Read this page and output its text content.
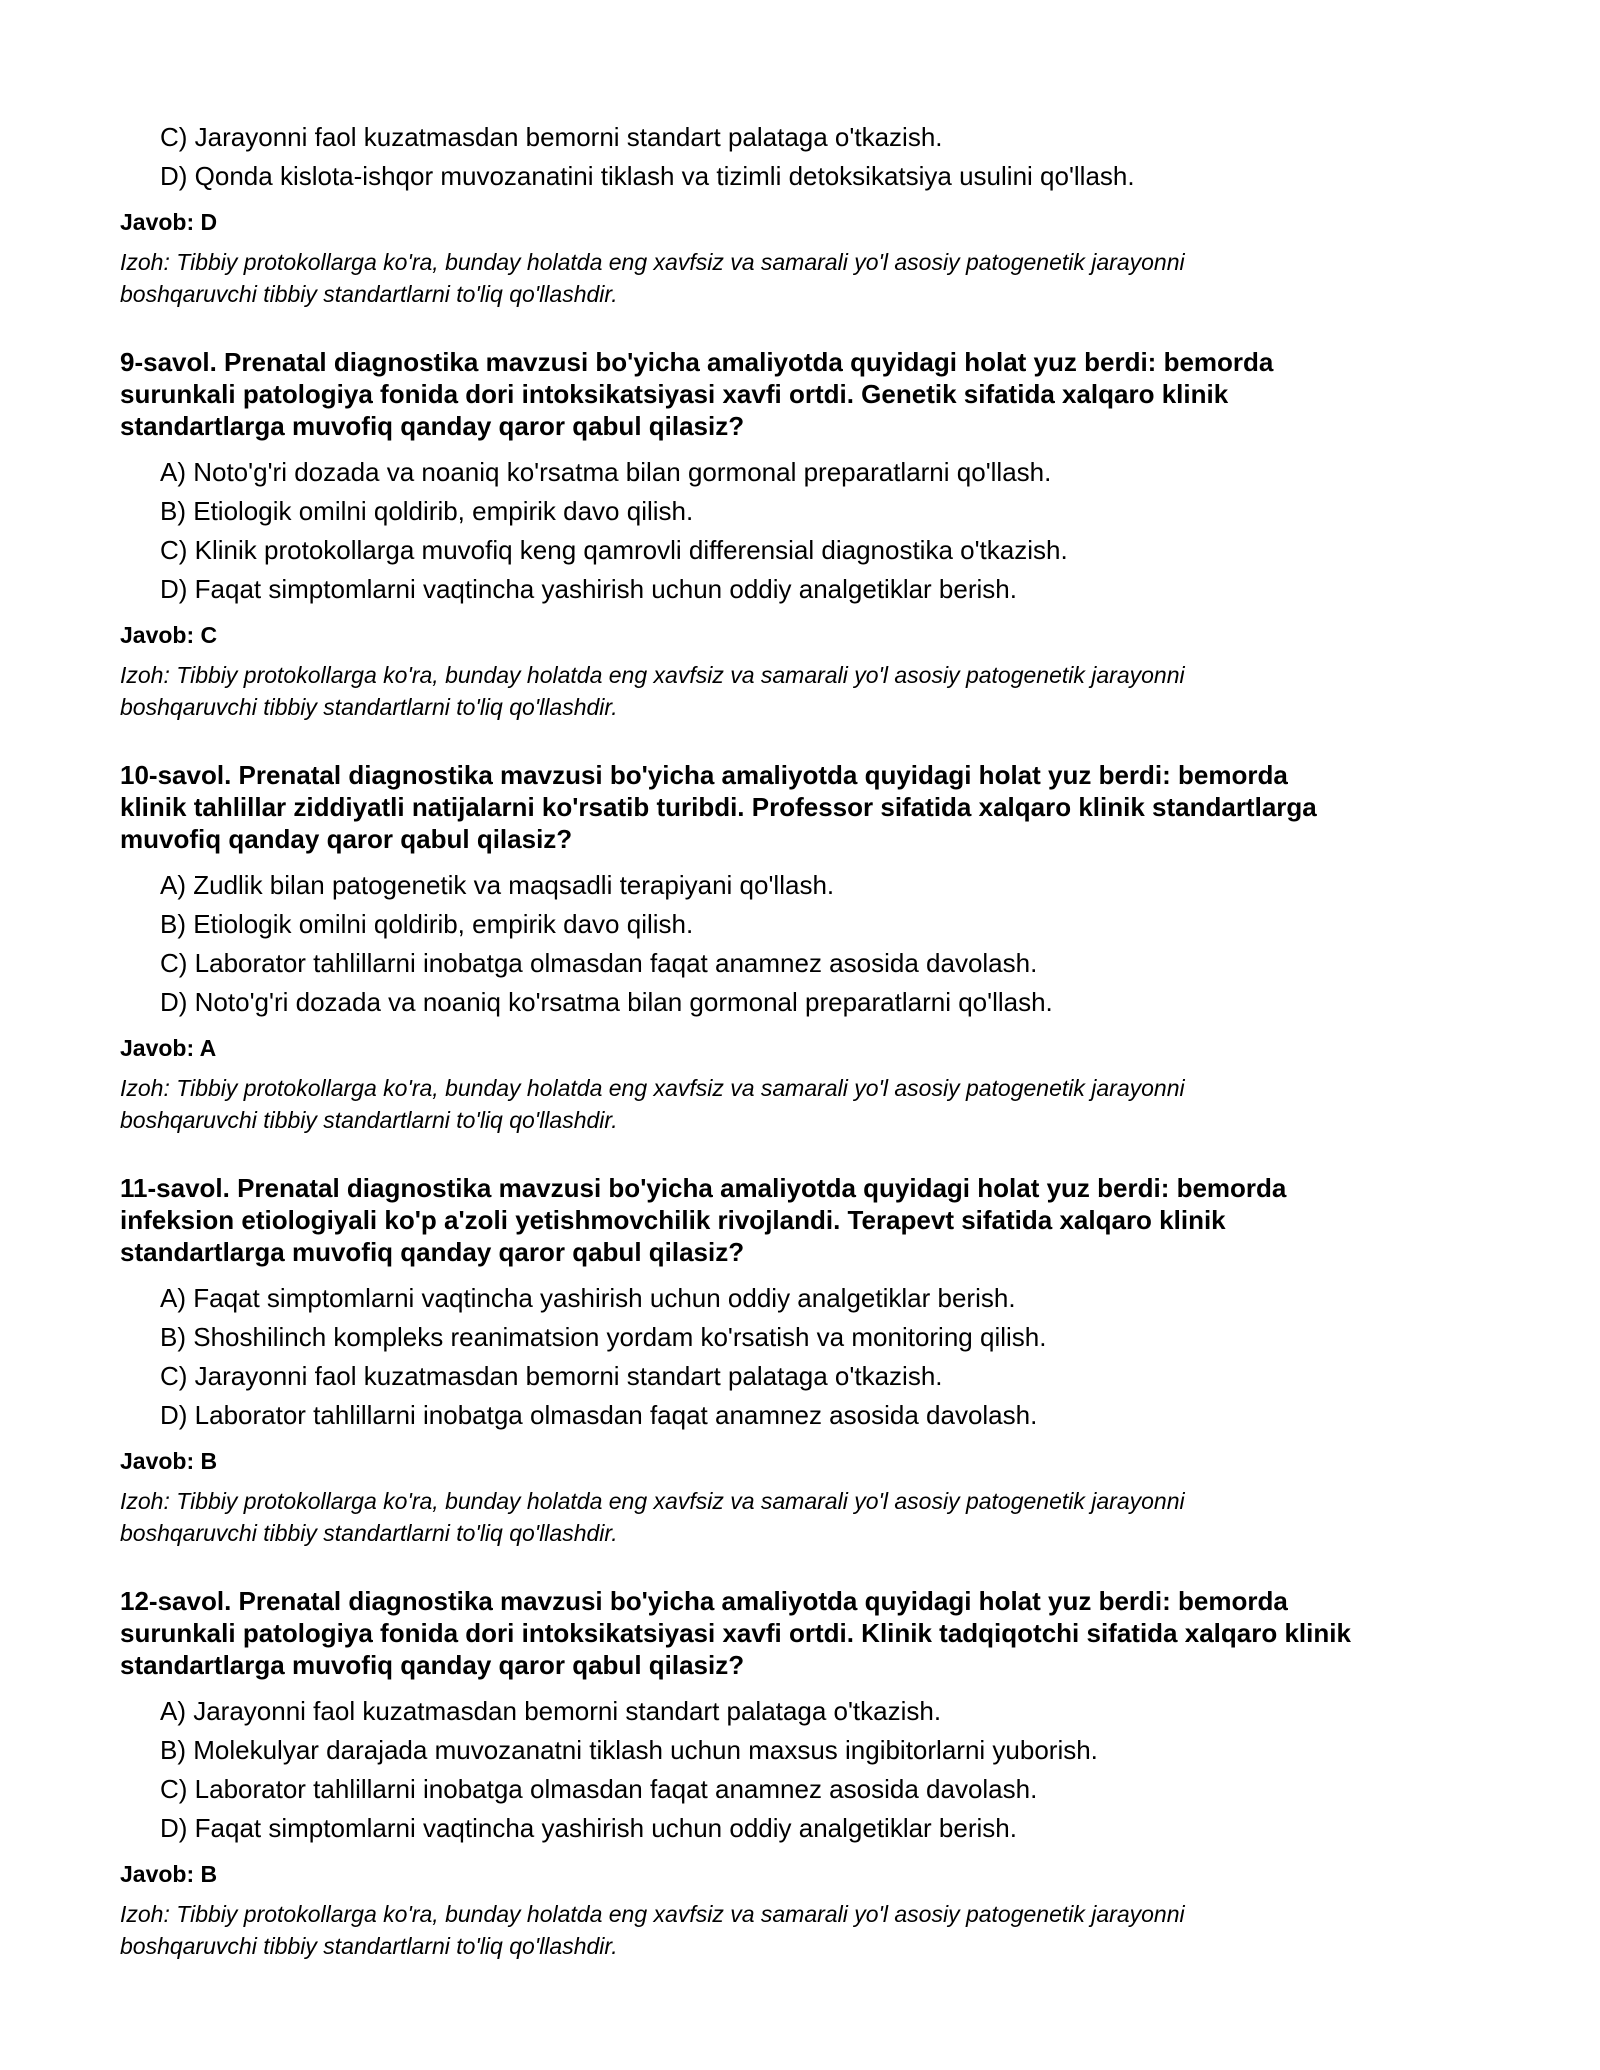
C) Jarayonni faol kuzatmasdan bemorni standart palataga o'tkazish.
D) Qonda kislota-ishqor muvozanatini tiklash va tizimli detoksikatsiya usulini qo'llash.
Javob: D
Izoh: Tibbiy protokollarga ko'ra, bunday holatda eng xavfsiz va samarali yo'l asosiy patogenetik jarayonni
boshqaruvchi tibbiy standartlarni to'liq qo'llashdir.
9-savol. Prenatal diagnostika mavzusi bo'yicha amaliyotda quyidagi holat yuz berdi: bemorda
surunkali patologiya fonida dori intoksikatsiyasi xavfi ortdi. Genetik sifatida xalqaro klinik
standartlarga muvofiq qanday qaror qabul qilasiz?
A) Noto'g'ri dozada va noaniq ko'rsatma bilan gormonal preparatlarni qo'llash.
B) Etiologik omilni qoldirib, empirik davo qilish.
C) Klinik protokollarga muvofiq keng qamrovli differensial diagnostika o'tkazish.
D) Faqat simptomlarni vaqtincha yashirish uchun oddiy analgetiklar berish.
Javob: C
Izoh: Tibbiy protokollarga ko'ra, bunday holatda eng xavfsiz va samarali yo'l asosiy patogenetik jarayonni
boshqaruvchi tibbiy standartlarni to'liq qo'llashdir.
10-savol. Prenatal diagnostika mavzusi bo'yicha amaliyotda quyidagi holat yuz berdi: bemorda
klinik tahlillar ziddiyatli natijalarni ko'rsatib turibdi. Professor sifatida xalqaro klinik standartlarga
muvofiq qanday qaror qabul qilasiz?
A) Zudlik bilan patogenetik va maqsadli terapiyani qo'llash.
B) Etiologik omilni qoldirib, empirik davo qilish.
C) Laborator tahlillarni inobatga olmasdan faqat anamnez asosida davolash.
D) Noto'g'ri dozada va noaniq ko'rsatma bilan gormonal preparatlarni qo'llash.
Javob: A
Izoh: Tibbiy protokollarga ko'ra, bunday holatda eng xavfsiz va samarali yo'l asosiy patogenetik jarayonni
boshqaruvchi tibbiy standartlarni to'liq qo'llashdir.
11-savol. Prenatal diagnostika mavzusi bo'yicha amaliyotda quyidagi holat yuz berdi: bemorda
infeksion etiologiyali ko'p a'zoli yetishmovchilik rivojlandi. Terapevt sifatida xalqaro klinik
standartlarga muvofiq qanday qaror qabul qilasiz?
A) Faqat simptomlarni vaqtincha yashirish uchun oddiy analgetiklar berish.
B) Shoshilinch kompleks reanimatsion yordam ko'rsatish va monitoring qilish.
C) Jarayonni faol kuzatmasdan bemorni standart palataga o'tkazish.
D) Laborator tahlillarni inobatga olmasdan faqat anamnez asosida davolash.
Javob: B
Izoh: Tibbiy protokollarga ko'ra, bunday holatda eng xavfsiz va samarali yo'l asosiy patogenetik jarayonni
boshqaruvchi tibbiy standartlarni to'liq qo'llashdir.
12-savol. Prenatal diagnostika mavzusi bo'yicha amaliyotda quyidagi holat yuz berdi: bemorda
surunkali patologiya fonida dori intoksikatsiyasi xavfi ortdi. Klinik tadqiqotchi sifatida xalqaro klinik
standartlarga muvofiq qanday qaror qabul qilasiz?
A) Jarayonni faol kuzatmasdan bemorni standart palataga o'tkazish.
B) Molekulyar darajada muvozanatni tiklash uchun maxsus ingibitorlarni yuborish.
C) Laborator tahlillarni inobatga olmasdan faqat anamnez asosida davolash.
D) Faqat simptomlarni vaqtincha yashirish uchun oddiy analgetiklar berish.
Javob: B
Izoh: Tibbiy protokollarga ko'ra, bunday holatda eng xavfsiz va samarali yo'l asosiy patogenetik jarayonni
boshqaruvchi tibbiy standartlarni to'liq qo'llashdir.
